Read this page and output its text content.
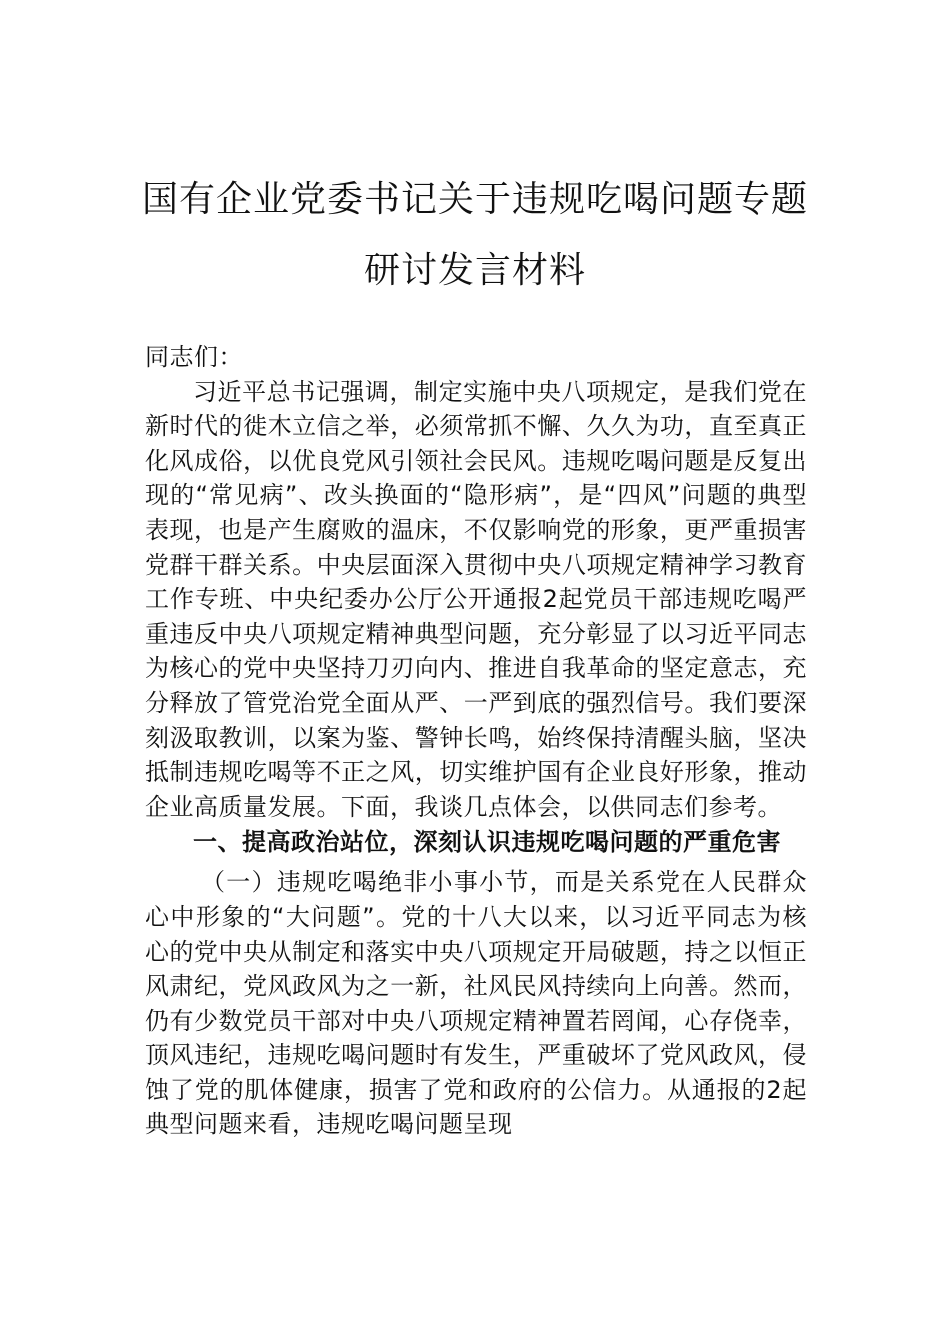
国有企业党委书记关于违规吃喝问题专题
研讨发言材料

同志们：

习近平总书记强调，制定实施中央八项规定，是我们党在新时代的徙木立信之举，必须常抓不懈、久久为功，直至真正化风成俗，以优良党风引领社会民风。违规吃喝问题是反复出现的“常见病”、改头换面的“隐形病”，是“四风”问题的典型表现，也是产生腐败的温床，不仅影响党的形象，更严重损害党群干群关系。中央层面深入贯彻中央八项规定精神学习教育工作专班、中央纪委办公厅公开通报2起党员干部违规吃喝严重违反中央八项规定精神典型问题，充分彰显了以习近平同志为核心的党中央坚持刀刃向内、推进自我革命的坚定意志，充分释放了管党治党全面从严、一严到底的强烈信号。我们要深刻汲取教训，以案为鉴、警钟长鸣，始终保持清醒头脑，坚决抵制违规吃喝等不正之风，切实维护国有企业良好形象，推动企业高质量发展。下面，我谈几点体会，以供同志们参考。

一、提高政治站位，深刻认识违规吃喝问题的严重危害

（一）违规吃喝绝非小事小节，而是关系党在人民群众心中形象的“大问题”。党的十八大以来，以习近平同志为核心的党中央从制定和落实中央八项规定开局破题，持之以恒正风肃纪，党风政风为之一新，社风民风持续向上向善。然而，仍有少数党员干部对中央八项规定精神置若罔闻，心存侥幸，顶风违纪，违规吃喝问题时有发生，严重破坏了党风政风，侵蚀了党的肌体健康，损害了党和政府的公信力。从通报的2起典型问题来看，违规吃喝问题呈现
